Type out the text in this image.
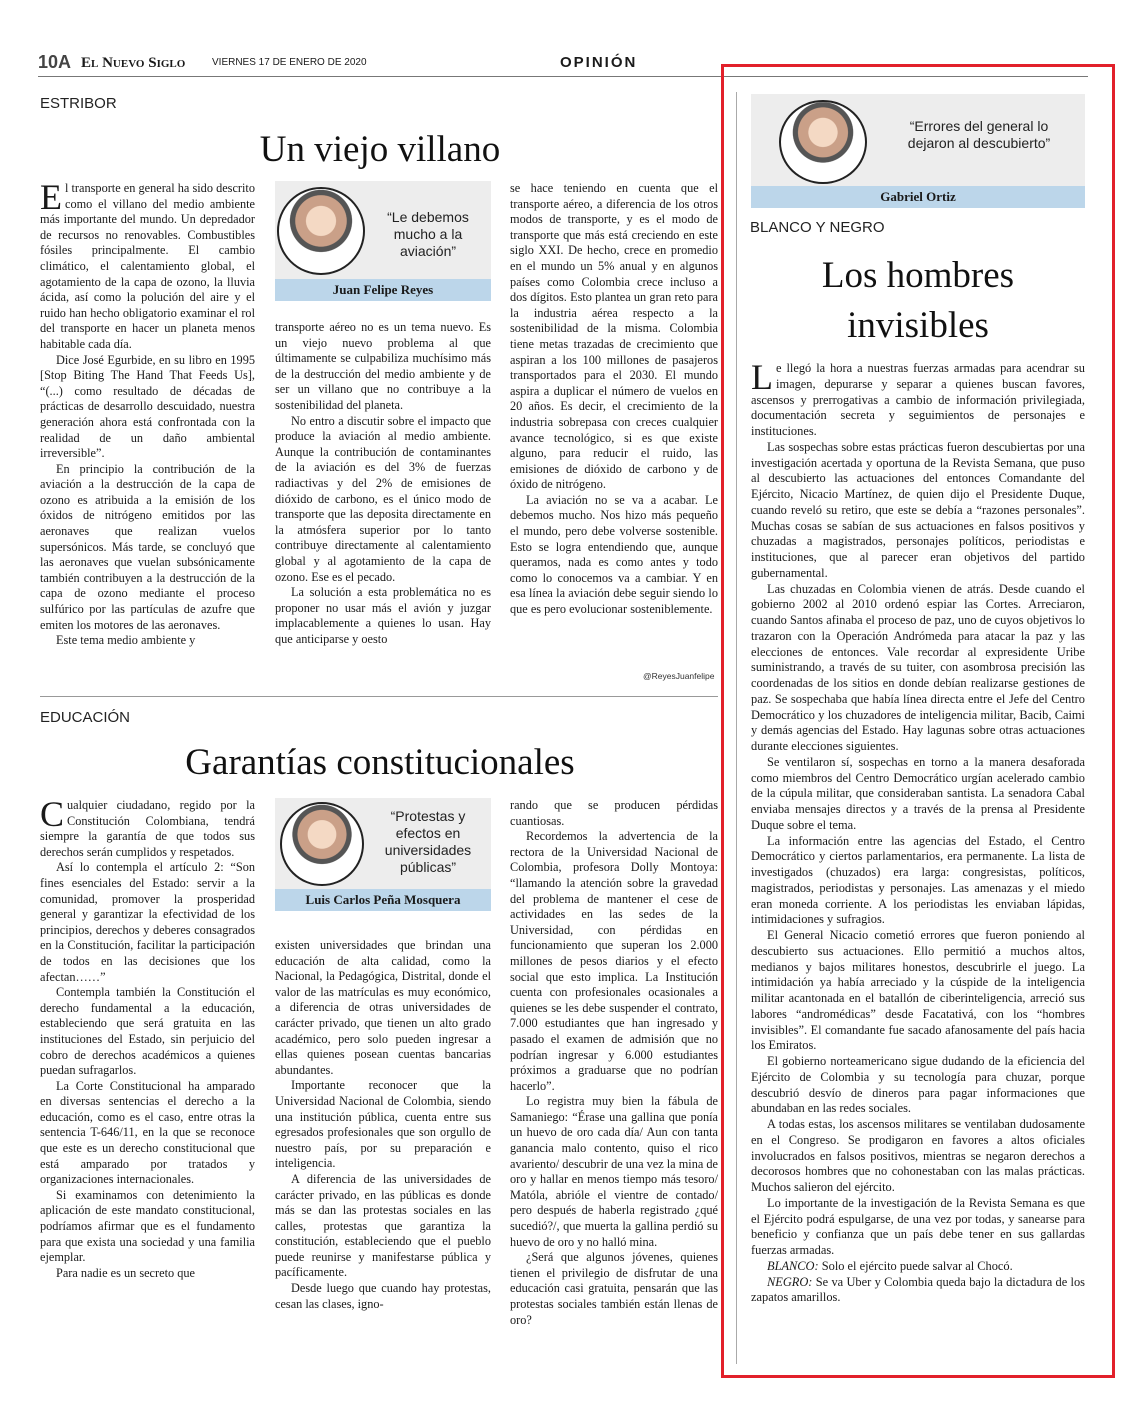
10A El Nuevo Siglo	VIERNES 17 DE ENERO DE 2020	OPINIÓN
ESTRIBOR
Un viejo villano

El transporte en general ha sido descrito como el villano del medio ambiente más importante del mundo. Un depredador de recursos no renovables. Combustibles fósiles principalmente. El cambio climático, el calentamiento global, el agotamiento de la capa de ozono, la lluvia ácida, así como la polución del aire y el ruido han hecho obligatorio examinar el rol del transporte en hacer un planeta menos habitable cada día.

Dice José Egurbide, en su libro en 1995 [Stop Biting The Hand That Feeds Us], “(...) como resultado de décadas de prácticas de desarrollo descuidado, nuestra generación ahora está confrontada con la realidad de un daño ambiental irreversible”.

En principio la contribución de la aviación a la destrucción de la capa de ozono es atribuida a la emisión de los óxidos de nitrógeno emitidos por las aeronaves que realizan vuelos supersónicos. Más tarde, se concluyó que las aeronaves que vuelan subsónicamente también contribuyen a la destrucción de la capa de ozono mediante el proceso sulfúrico por las partículas de azufre que emiten los motores de las aeronaves.

Este tema medio ambiente y

“Le debemos mucho a la aviación”
Juan Felipe Reyes

transporte aéreo no es un tema nuevo. Es un viejo nuevo problema al que últimamente se culpabiliza muchísimo más de la destrucción del medio ambiente y de ser un villano que no contribuye a la sostenibilidad del planeta.

No entro a discutir sobre el impacto que produce la aviación al medio ambiente. Aunque la contribución de contaminantes de la aviación es del 3% de fuerzas radiactivas y del 2% de emisiones de dióxido de carbono, es el único modo de transporte que las deposita directamente en la atmósfera superior por lo tanto contribuye directamente al calentamiento global y al agotamiento de la capa de ozono. Ese es el pecado.

La solución a esta problemática no es proponer no usar más el avión y juzgar implacablemente a quienes lo usan. Hay que anticiparse y oesto

se hace teniendo en cuenta que el transporte aéreo, a diferencia de los otros modos de transporte, y es el modo de transporte que más está creciendo en este siglo XXI. De hecho, crece en promedio en el mundo un 5% anual y en algunos países como Colombia crece incluso a dos dígitos. Esto plantea un gran reto para la industria aérea respecto a la sostenibilidad de la misma. Colombia tiene metas trazadas de crecimiento que aspiran a los 100 millones de pasajeros transportados para el 2030. El mundo aspira a duplicar el número de vuelos en 20 años. Es decir, el crecimiento de la industria sobrepasa con creces cualquier avance tecnológico, si es que existe alguno, para reducir el ruido, las emisiones de dióxido de carbono y de óxido de nitrógeno.

La aviación no se va a acabar. Le debemos mucho. Nos hizo más pequeño el mundo, pero debe volverse sostenible. Esto se logra entendiendo que, aunque queramos, nada es como antes y todo como lo conocemos va a cambiar. Y en esa línea la aviación debe seguir siendo lo que es pero evolucionar sosteniblemente.

@ReyesJuanfelipe
EDUCACIÓN
Garantías constitucionales

Cualquier ciudadano, regido por la Constitución Colombiana, tendrá siempre la garantía de que todos sus derechos serán cumplidos y respetados.

Así lo contempla el artículo 2: “Son fines esenciales del Estado: servir a la comunidad, promover la prosperidad general y garantizar la efectividad de los principios, derechos y deberes consagrados en la Constitución, facilitar la participación de todos en las decisiones que los afectan……”

Contempla también la Constitución el derecho fundamental a la educación, estableciendo que será gratuita en las instituciones del Estado, sin perjuicio del cobro de derechos académicos a quienes puedan sufragarlos.

La Corte Constitucional ha amparado en diversas sentencias el derecho a la educación, como es el caso, entre otras la sentencia T-646/11, en la que se reconoce que este es un derecho constitucional que está amparado por tratados y organizaciones internacionales.

Si examinamos con detenimiento la aplicación de este mandato constitucional, podríamos afirmar que es el fundamento para que exista una sociedad y una familia ejemplar.

Para nadie es un secreto que

“Protestas y efectos en universidades públicas”
Luis Carlos Peña Mosquera

existen universidades que brindan una educación de alta calidad, como la Nacional, la Pedagógica, Distrital, donde el valor de las matrículas es muy económico, a diferencia de otras universidades de carácter privado, que tienen un alto grado académico, pero solo pueden ingresar a ellas quienes posean cuentas bancarias abundantes.

Importante reconocer que la Universidad Nacional de Colombia, siendo una institución pública, cuenta entre sus egresados profesionales que son orgullo de nuestro país, por su preparación e inteligencia.

A diferencia de las universidades de carácter privado, en las públicas es donde más se dan las protestas sociales en las calles, protestas que garantiza la constitución, estableciendo que el pueblo puede reunirse y manifestarse pública y pacíficamente.

Desde luego que cuando hay protestas, cesan las clases, igno-

rando que se producen pérdidas cuantiosas.

Recordemos la advertencia de la rectora de la Universidad Nacional de Colombia, profesora Dolly Montoya: “llamando la atención sobre la gravedad del problema de mantener el cese de actividades en las sedes de la Universidad, con pérdidas en funcionamiento que superan los 2.000 millones de pesos diarios y el efecto social que esto implica. La Institución cuenta con profesionales ocasionales a quienes se les debe suspender el contrato, 7.000 estudiantes que han ingresado y pasado el examen de admisión que no podrían ingresar y 6.000 estudiantes próximos a graduarse que no podrían hacerlo”.

Lo registra muy bien la fábula de Samaniego: “Érase una gallina que ponía un huevo de oro cada día/ Aun con tanta ganancia malo contento, quiso el rico avariento/ descubrir de una vez la mina de oro y hallar en menos tiempo más tesoro/ Matóla, abrióle el vientre de contado/ pero después de haberla registrado ¿qué sucedió?/, que muerta la gallina perdió su huevo de oro y no halló mina.

¿Será que algunos jóvenes, quienes tienen el privilegio de disfrutar de una educación casi gratuita, pensarán que las protestas sociales también están llenas de oro?

“Errores del general lo dejaron al descubierto”
Gabriel Ortiz
BLANCO Y NEGRO
Los hombres
invisibles

Le llegó la hora a nuestras fuerzas armadas para acendrar su imagen, depurarse y separar a quienes buscan favores, ascensos y prerrogativas a cambio de información privilegiada, documentación secreta y seguimientos de personajes e instituciones.

Las sospechas sobre estas prácticas fueron descubiertas por una investigación acertada y oportuna de la Revista Semana, que puso al descubierto las actuaciones del entonces Comandante del Ejército, Nicacio Martínez, de quien dijo el Presidente Duque, cuando reveló su retiro, que este se debía a “razones personales”. Muchas cosas se sabían de sus actuaciones en falsos positivos y chuzadas a magistrados, personajes políticos, periodistas e instituciones, que al parecer eran objetivos del partido gubernamental.

Las chuzadas en Colombia vienen de atrás. Desde cuando el gobierno 2002 al 2010 ordenó espiar las Cortes. Arreciaron, cuando Santos afinaba el proceso de paz, uno de cuyos objetivos lo trazaron con la Operación Andrómeda para atacar la paz y las elecciones de entonces. Vale recordar al expresidente Uribe suministrando, a través de su tuiter, con asombrosa precisión las coordenadas de los sitios en donde debían realizarse gestiones de paz. Se sospechaba que había línea directa entre el Jefe del Centro Democrático y los chuzadores de inteligencia militar, Bacib, Caimi y demás agencias del Estado. Hay lagunas sobre otras actuaciones durante elecciones siguientes.

Se ventilaron sí, sospechas en torno a la manera desaforada como miembros del Centro Democrático urgían acelerado cambio de la cúpula militar, que consideraban santista. La senadora Cabal enviaba mensajes directos y a través de la prensa al Presidente Duque sobre el tema.

La información entre las agencias del Estado, el Centro Democrático y ciertos parlamentarios, era permanente. La lista de investigados (chuzados) era larga: congresistas, políticos, magistrados, periodistas y personajes. Las amenazas y el miedo eran moneda corriente. A los periodistas les enviaban lápidas, intimidaciones y sufragios.

El General Nicacio cometió errores que fueron poniendo al descubierto sus actuaciones. Ello permitió a muchos altos, medianos y bajos militares honestos, descubrirle el juego. La intimidación ya había arreciado y la cúspide de la inteligencia militar acantonada en el batallón de ciberinteligencia, arreció sus labores “andromédicas” desde Facatativá, con los “hombres invisibles”. El comandante fue sacado afanosamente del país hacia los Emiratos.

El gobierno norteamericano sigue dudando de la eficiencia del Ejército de Colombia y su tecnología para chuzar, porque descubrió desvío de dineros para pagar informaciones que abundaban en las redes sociales.

A todas estas, los ascensos militares se ventilaban dudosamente en el Congreso. Se prodigaron en favores a altos oficiales involucrados en falsos positivos, mientras se negaron derechos a decorosos hombres que no cohonestaban con las malas prácticas. Muchos salieron del ejército.

Lo importante de la investigación de la Revista Semana es que el Ejército podrá espulgarse, de una vez por todas, y sanearse para beneficio y confianza que un país debe tener en sus gallardas fuerzas armadas.

BLANCO: Solo el ejército puede salvar al Chocó.

NEGRO: Se va Uber y Colombia queda bajo la dictadura de los zapatos amarillos.
